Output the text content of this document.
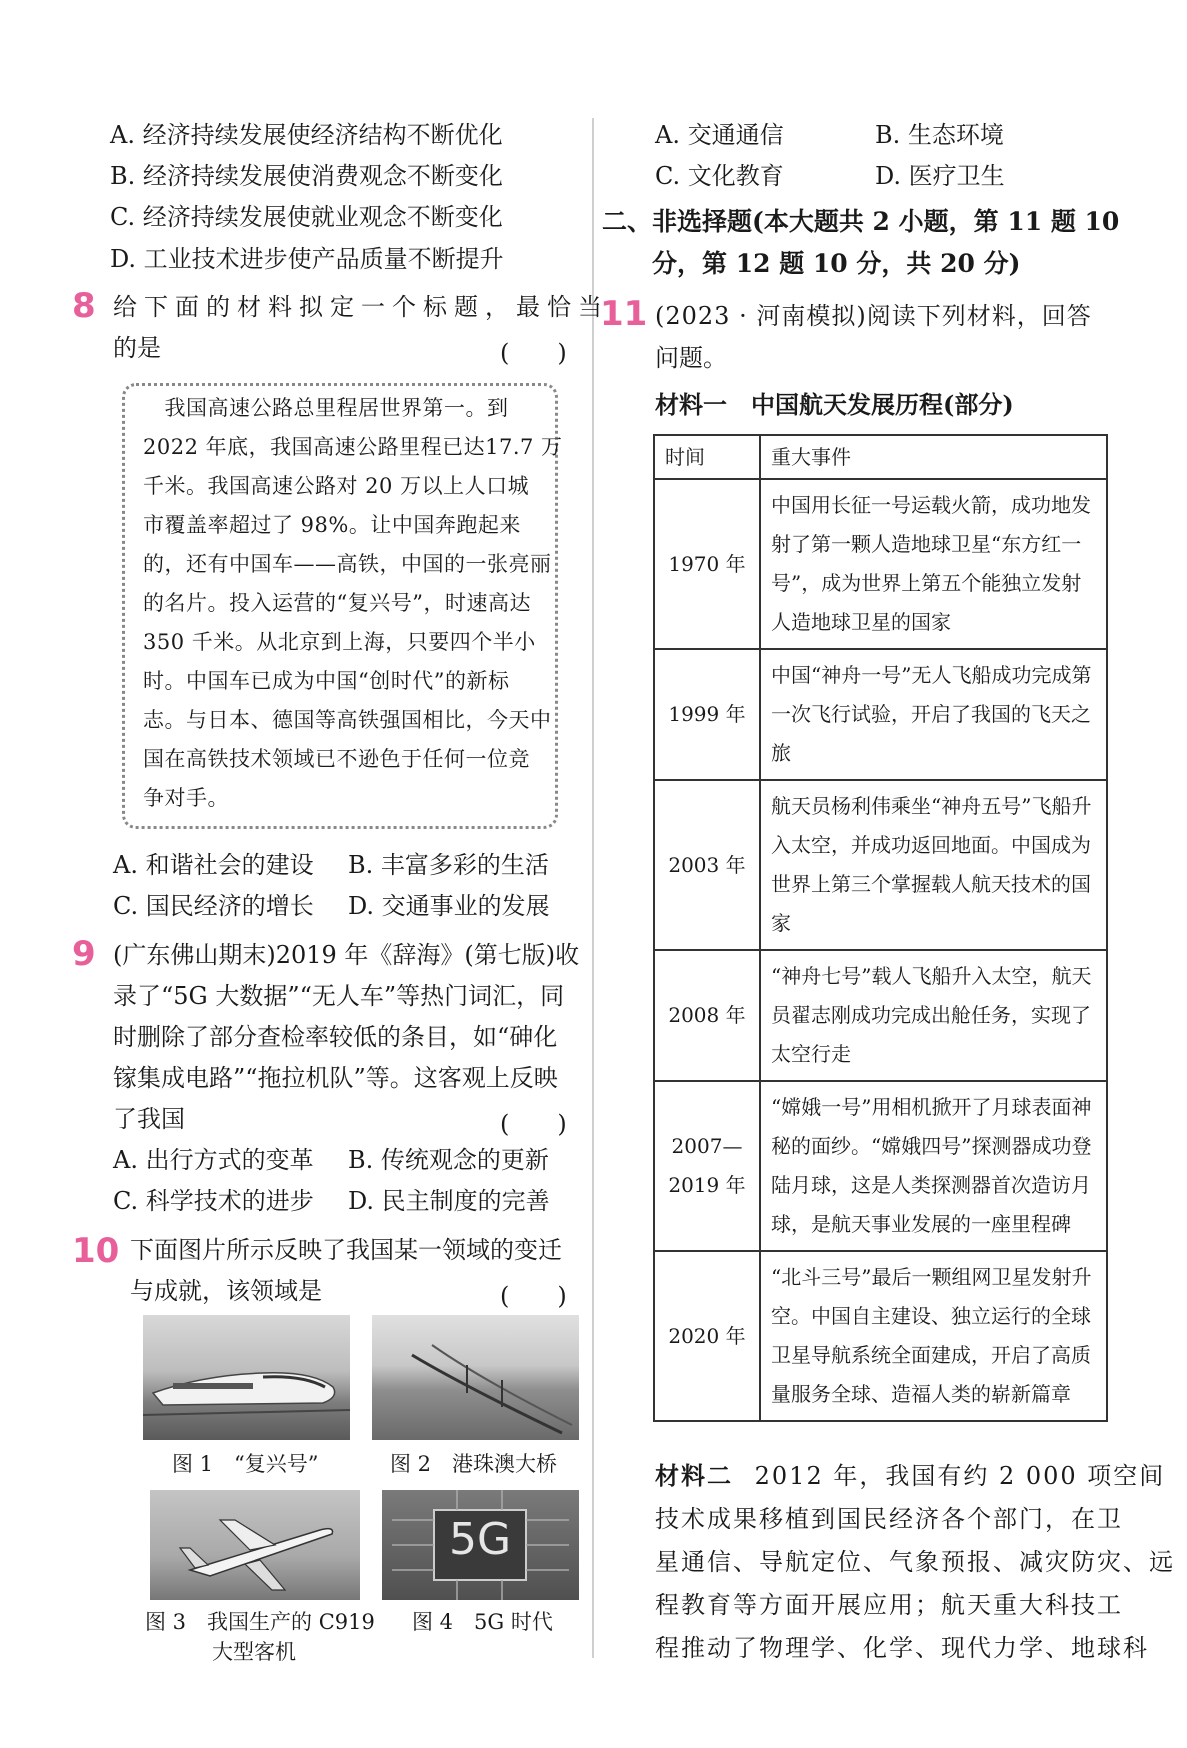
A. 经济持续发展使经济结构不断优化
B. 经济持续发展使消费观念不断变化
C. 经济持续发展使就业观念不断变化
D. 工业技术进步使产品质量不断提升
8 给下面的材料拟定一个标题，最恰当
的是	(　　)
　我国高速公路总里程居世界第一。到
2022 年底，我国高速公路里程已达17.7 万
千米。我国高速公路对 20 万以上人口城
市覆盖率超过了 98%。让中国奔跑起来
的，还有中国车——高铁，中国的一张亮丽
的名片。投入运营的“复兴号”，时速高达
350 千米。从北京到上海，只要四个半小
时。中国车已成为中国“创时代”的新标
志。与日本、德国等高铁强国相比，今天中
国在高铁技术领域已不逊色于任何一位竞
争对手。
A. 和谐社会的建设 B. 丰富多彩的生活
C. 国民经济的增长 D. 交通事业的发展
9 (广东佛山期末)2019 年《辞海》(第七版)收
录了“5G 大数据”“无人车”等热门词汇，同
时删除了部分查检率较低的条目，如“砷化
镓集成电路”“拖拉机队”等。这客观上反映
了我国	(　　)
A. 出行方式的变革 B. 传统观念的更新
C. 科学技术的进步 D. 民主制度的完善
10 下面图片所示反映了我国某一领域的变迁
与成就，该领域是	(　　)
图 1　“复兴号”	图 2　港珠澳大桥
图 3　我国生产的 C919
大型客机
5G
图 4　5G 时代
A. 交通通信	B. 生态环境
C. 文化教育	D. 医疗卫生
二、非选择题(本大题共 2 小题，第 11 题 10
分，第 12 题 10 分，共 20 分)
11 (2023 · 河南模拟)阅读下列材料，回答
问题。
材料一　中国航天发展历程(部分)
时间	重大事件
1970 年	中国用长征一号运载火箭，成功地发射了第一颗人造地球卫星“东方红一号”，成为世界上第五个能独立发射人造地球卫星的国家
1999 年	中国“神舟一号”无人飞船成功完成第一次飞行试验，开启了我国的飞天之旅
2003 年	航天员杨利伟乘坐“神舟五号”飞船升入太空，并成功返回地面。中国成为世界上第三个掌握载人航天技术的国家
2008 年	“神舟七号”载人飞船升入太空，航天员翟志刚成功完成出舱任务，实现了太空行走
2007—2019 年	“嫦娥一号”用相机掀开了月球表面神秘的面纱。“嫦娥四号”探测器成功登陆月球，这是人类探测器首次造访月球，是航天事业发展的一座里程碑
2020 年	“北斗三号”最后一颗组网卫星发射升空。中国自主建设、独立运行的全球卫星导航系统全面建成，开启了高质量服务全球、造福人类的崭新篇章
材料二 2012 年，我国有约 2 000 项空间
技术成果移植到国民经济各个部门，在卫
星通信、导航定位、气象预报、减灾防灾、远
程教育等方面开展应用；航天重大科技工
程推动了物理学、化学、现代力学、地球科
